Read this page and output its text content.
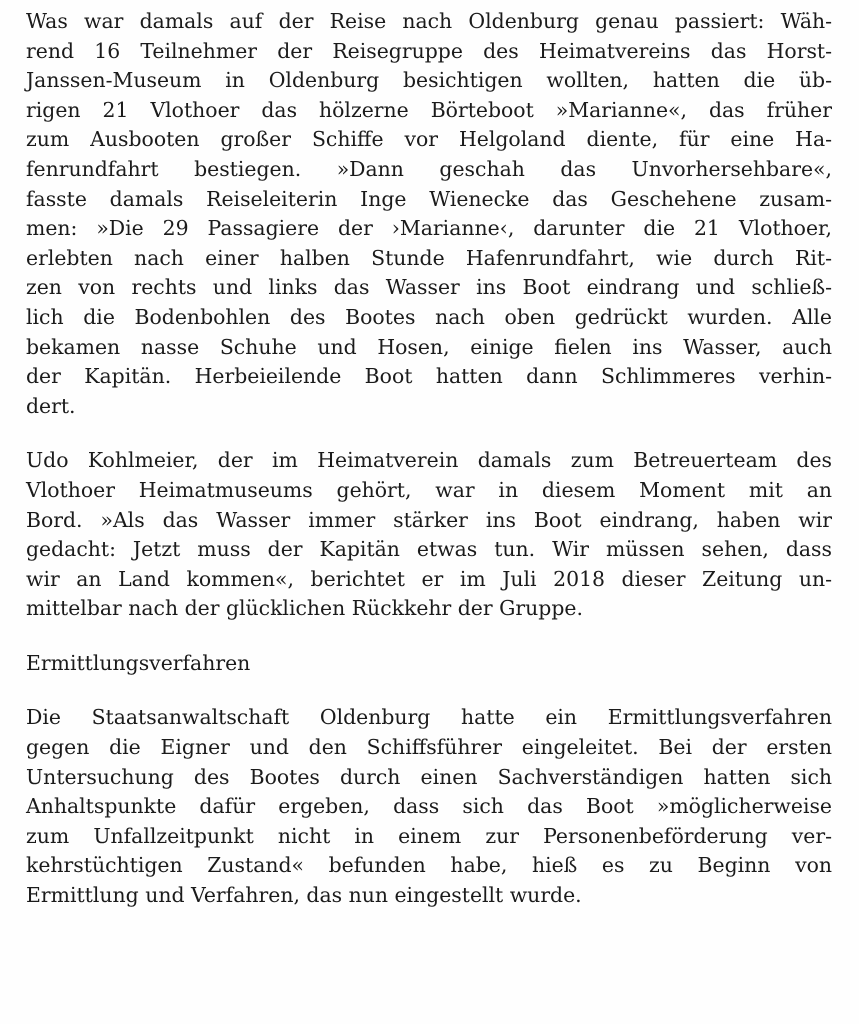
Was war damals auf der Reise nach Oldenburg genau passiert: Wäh-
rend 16 Teilnehmer der Reisegruppe des Heimatvereins das Horst-
Janssen-Museum in Oldenburg besichtigen wollten, hatten die üb-
rigen 21 Vlothoer das hölzerne Börteboot »Marianne«, das früher
zum Ausbooten großer Schiffe vor Helgoland diente, für eine Ha-
fenrundfahrt bestiegen. »Dann geschah das Unvorhersehbare«,
fasste damals Reiseleiterin Inge Wienecke das Geschehene zusam-
men: »Die 29 Passagiere der ›Marianne‹, darunter die 21 Vlothoer,
erlebten nach einer halben Stunde Hafenrundfahrt, wie durch Rit-
zen von rechts und links das Wasser ins Boot eindrang und schließ-
lich die Bodenbohlen des Bootes nach oben gedrückt wurden. Alle
bekamen nasse Schuhe und Hosen, einige fielen ins Wasser, auch
der Kapitän. Herbeieilende Boot hatten dann Schlimmeres verhin-
dert.
Udo Kohlmeier, der im Heimatverein damals zum Betreuerteam des
Vlothoer Heimatmuseums gehört, war in diesem Moment mit an
Bord. »Als das Wasser immer stärker ins Boot eindrang, haben wir
gedacht: Jetzt muss der Kapitän etwas tun. Wir müssen sehen, dass
wir an Land kommen«, berichtet er im Juli 2018 dieser Zeitung un-
mittelbar nach der glücklichen Rückkehr der Gruppe.
Ermittlungsverfahren
Die Staatsanwaltschaft Oldenburg hatte ein Ermittlungsverfahren
gegen die Eigner und den Schiffsführer eingeleitet. Bei der ersten
Untersuchung des Bootes durch einen Sachverständigen hatten sich
Anhaltspunkte dafür ergeben, dass sich das Boot »möglicherweise
zum Unfallzeitpunkt nicht in einem zur Personenbeförderung ver-
kehrstüchtigen Zustand« befunden habe, hieß es zu Beginn von
Ermittlung und Verfahren, das nun eingestellt wurde.
